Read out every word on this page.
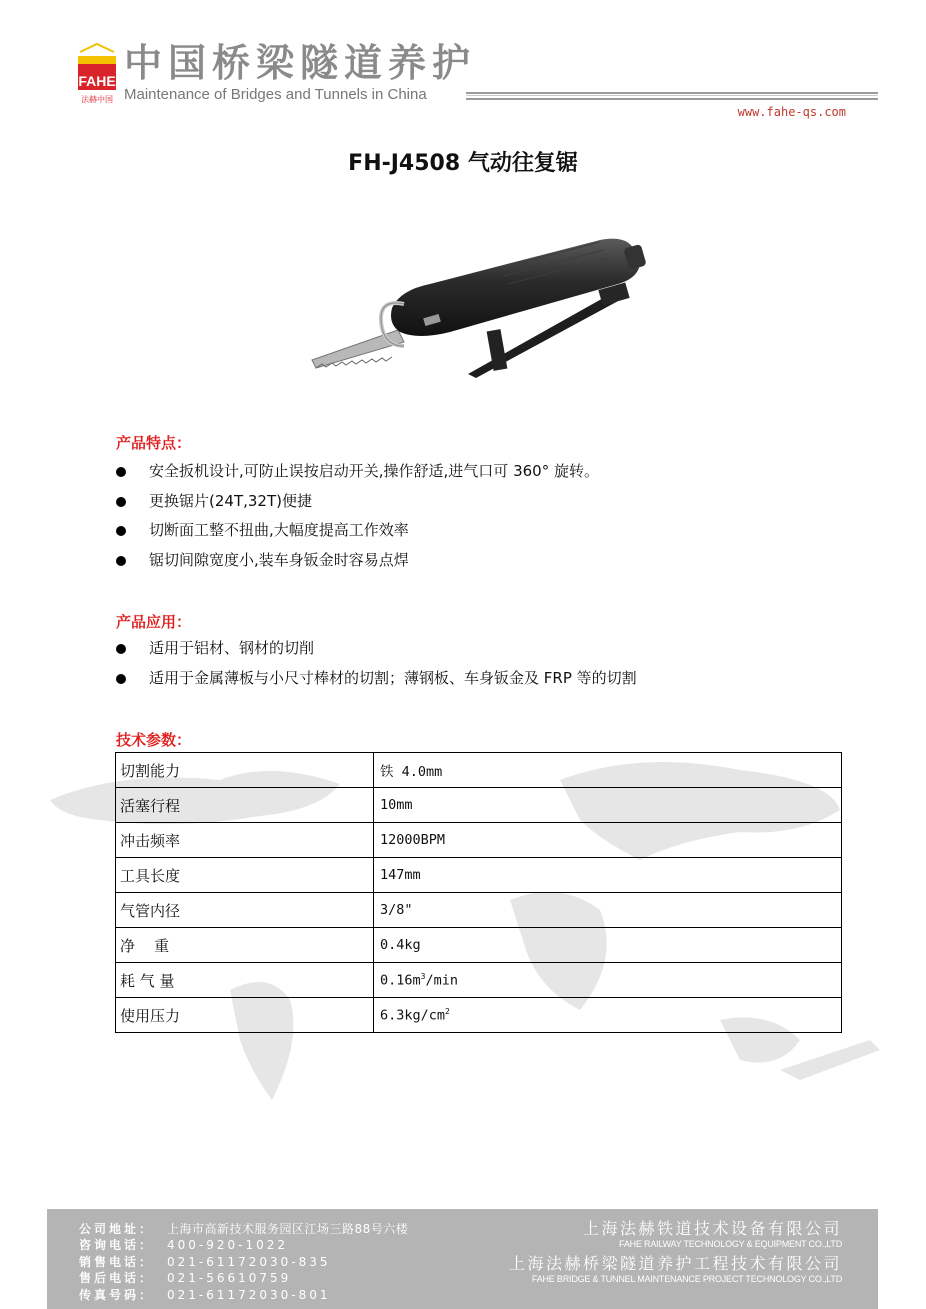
FAHE
法赫中国
中国桥梁隧道养护
Maintenance of Bridges and Tunnels in China
www.fahe-qs.com
FH-J4508 气动往复锯
产品特点：
安全扳机设计,可防止误按启动开关,操作舒适,进气口可 360° 旋转。
更换锯片(24T,32T)便捷
切断面工整不扭曲,大幅度提高工作效率
锯切间隙宽度小,装车身钣金时容易点焊
产品应用：
适用于铝材、钢材的切削
适用于金属薄板与小尺寸棒材的切割；薄钢板、车身钣金及 FRP 等的切割
技术参数：
切割能力	铁 4.0mm
活塞行程	10mm
冲击频率	12000BPM
工具长度	147mm
气管内径	3/8"
净    重	0.4kg
耗 气 量	$0.16m^3/\min$
使用压力	$6.3kg/cm^2$
公司地址： 上海市高新技术服务园区江场三路88号六楼
咨询电话： 400-920-1022
销售电话： 021-61172030-835
售后电话： 021-56610759
传真号码： 021-61172030-801
上海法赫铁道技术设备有限公司
FAHE RAILWAY TECHNOLOGY & EQUIPMENT CO.,LTD
上海法赫桥梁隧道养护工程技术有限公司
FAHE BRIDGE & TUNNEL MAINTENANCE PROJECT TECHNOLOGY CO.,LTD
